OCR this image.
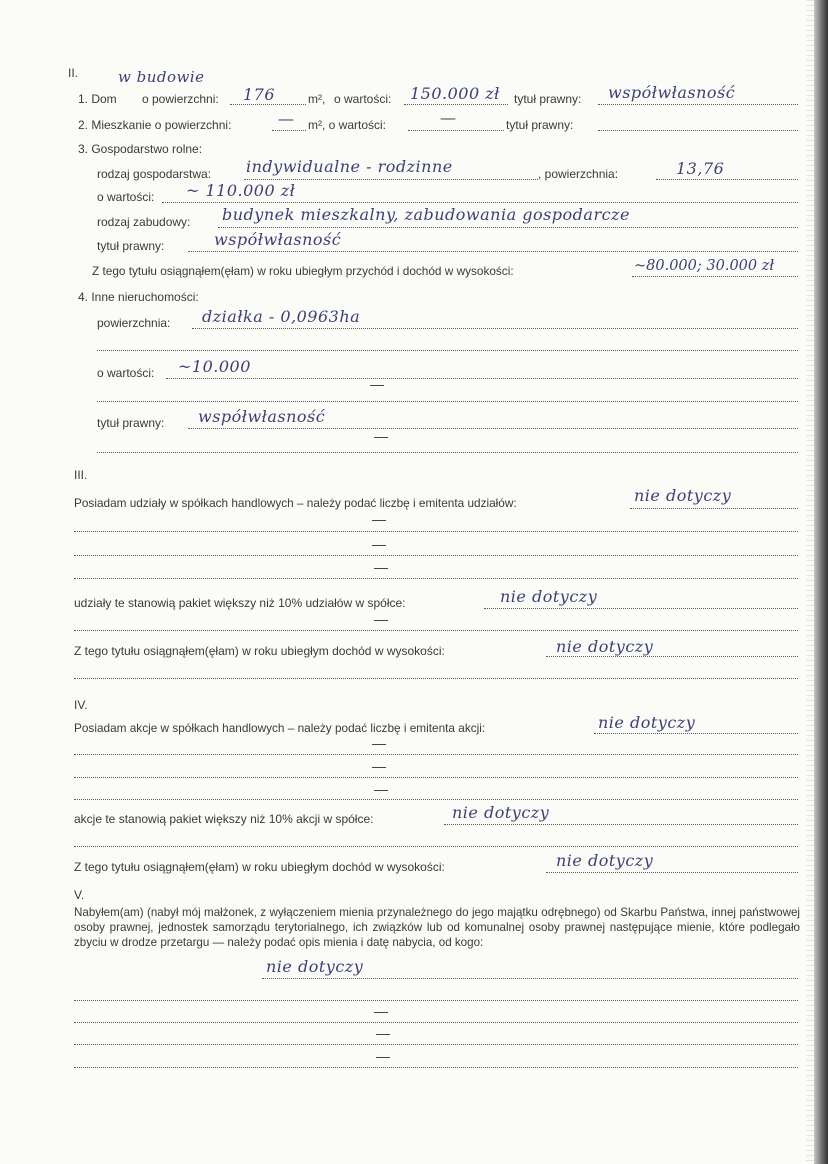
II.	w budowie
1. Dom o powierzchni: 176	m², o wartości: 150.000 zł tytuł prawny: współwłasność
2. Mieszkanie o powierzchni:	— m², o wartości:	—	tytuł prawny:
3. Gospodarstwo rolne:
rodzaj gospodarstwa: indywidualne - rodzinne	, powierzchnia:	13,76
o wartości: ~ 110.000 zł
rodzaj zabudowy: budynek mieszkalny, zabudowania gospodarcze
tytuł prawny:	współwłasność
Z tego tytułu osiągnąłem(ęłam) w roku ubiegłym przychód i dochód w wysokości:	~80.000; 30.000 zł
4. Inne nieruchomości:
powierzchnia: działka - 0,0963ha
o wartości: ~10.000
tytuł prawny: współwłasność
III.
Posiadam udziały w spółkach handlowych – należy podać liczbę i emitenta udziałów:	nie dotyczy
udziały te stanowią pakiet większy niż 10% udziałów w spółce:	nie dotyczy
Z tego tytułu osiągnąłem(ęłam) w roku ubiegłym dochód w wysokości:	nie dotyczy
IV.
Posiadam akcje w spółkach handlowych – należy podać liczbę i emitenta akcji:	nie dotyczy
akcje te stanowią pakiet większy niż 10% akcji w spółce:	nie dotyczy
Z tego tytułu osiągnąłem(ęłam) w roku ubiegłym dochód w wysokości:	nie dotyczy
V.
Nabyłem(am) (nabył mój małżonek, z wyłączeniem mienia przynależnego do jego majątku odrębnego) od Skarbu Państwa, innej państwowej osoby prawnej, jednostek samorządu terytorialnego, ich związków lub od komunalnej osoby prawnej następujące mienie, które podlegało zbyciu w drodze przetargu — należy podać opis mienia i datę nabycia, od kogo:
nie dotyczy
